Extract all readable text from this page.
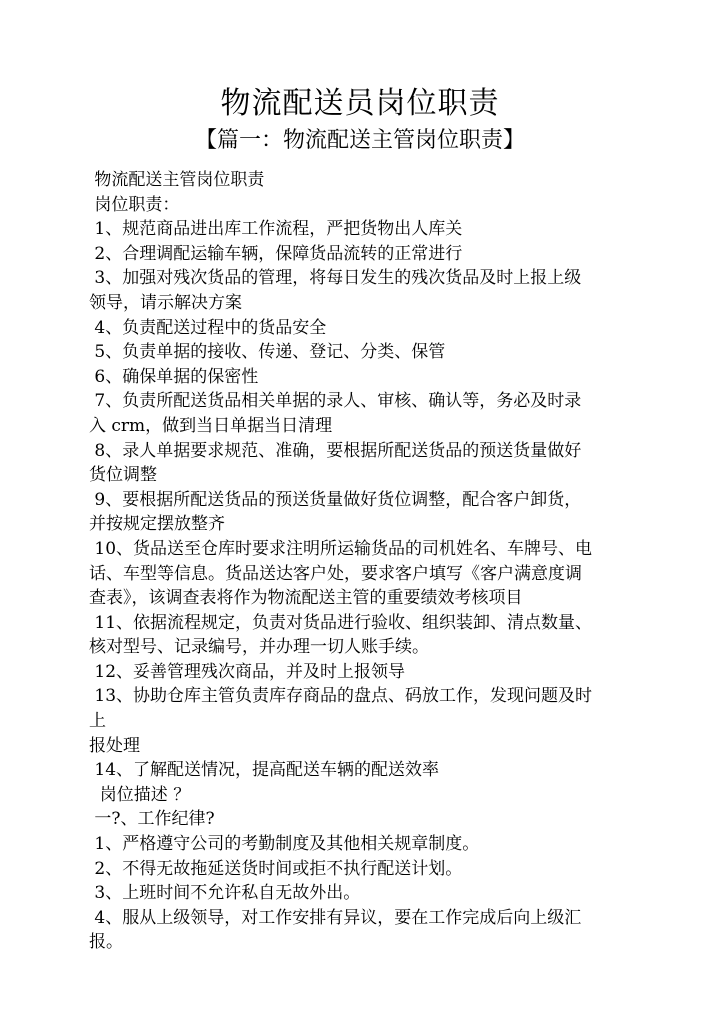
物流配送员岗位职责
【篇一：物流配送主管岗位职责】
物流配送主管岗位职责
岗位职责：
1、规范商品进出库工作流程，严把货物出人库关
2、合理调配运输车辆，保障货品流转的正常进行
3、加强对残次货品的管理，将每日发生的残次货品及时上报上级
领导，请示解决方案
4、负责配送过程中的货品安全
5、负责单据的接收、传递、登记、分类、保管
6、确保单据的保密性
7、负责所配送货品相关单据的录人、审核、确认等，务必及时录
入 crm，做到当日单据当日清理
8、录人单据要求规范、准确，要根据所配送货品的预送货量做好
货位调整
9、要根据所配送货品的预送货量做好货位调整，配合客户卸货，
并按规定摆放整齐
10、货品送至仓库时要求注明所运输货品的司机姓名、车牌号、电
话、车型等信息。货品送达客户处，要求客户填写《客户满意度调
查表》，该调查表将作为物流配送主管的重要绩效考核项目
11、依据流程规定，负责对货品进行验收、组织装卸、清点数量、
核对型号、记录编号，并办理一切人账手续。
12、妥善管理残次商品，并及时上报领导
13、协助仓库主管负责库存商品的盘点、码放工作，发现问题及时
上
报处理
14、了解配送情况，提高配送车辆的配送效率
岗位描述 ？
一?、工作纪律?
1、严格遵守公司的考勤制度及其他相关规章制度。
2、不得无故拖延送货时间或拒不执行配送计划。
3、上班时间不允许私自无故外出。
4、服从上级领导，对工作安排有异议，要在工作完成后向上级汇
报。
